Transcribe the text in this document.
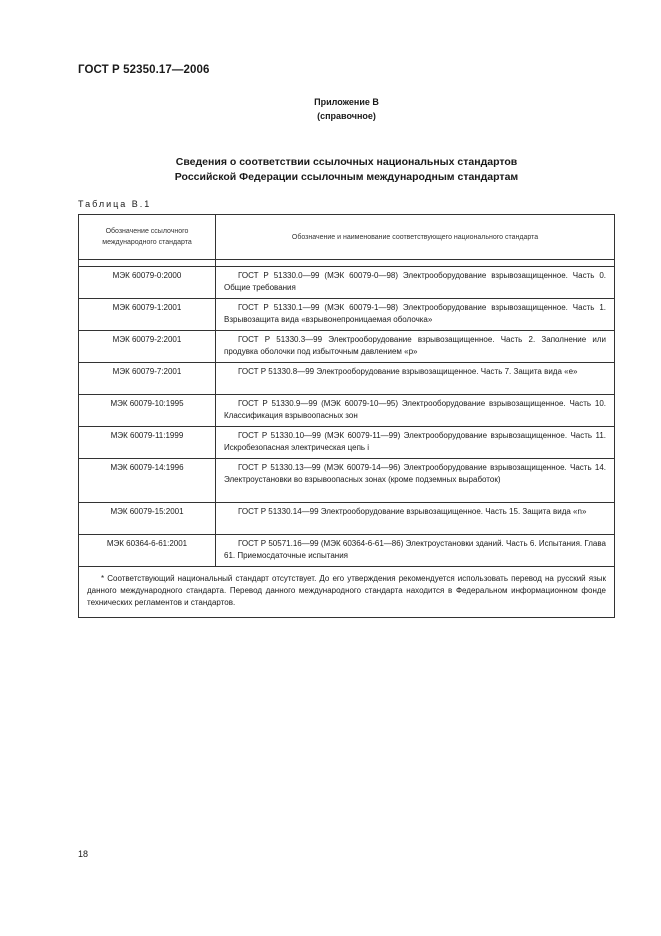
ГОСТ Р 52350.17—2006
Приложение В
(справочное)
Сведения о соответствии ссылочных национальных стандартов
Российской Федерации ссылочным международным стандартам
Таблица В.1
Обозначение ссылочного международного стандарта	Обозначение и наименование соответствующего национального стандарта

МЭК 60079-0:2000	ГОСТ Р 51330.0—99 (МЭК 60079-0—98) Электрооборудование взрывозащищенное. Часть 0. Общие требования
МЭК 60079-1:2001	ГОСТ Р 51330.1—99 (МЭК 60079-1—98) Электрооборудование взрывозащищенное. Часть 1. Взрывозащита вида «взрывонепроницаемая оболочка»
МЭК 60079-2:2001	ГОСТ Р 51330.3—99 Электрооборудование взрывозащищенное. Часть 2. Заполнение или продувка оболочки под избыточным давлением «р»
МЭК 60079-7:2001	ГОСТ Р 51330.8—99 Электрооборудование взрывозащищенное. Часть 7. Защита вида «е»
МЭК 60079-10:1995	ГОСТ Р 51330.9—99 (МЭК 60079-10—95) Электрооборудование взрывозащищенное. Часть 10. Классификация взрывоопасных зон
МЭК 60079-11:1999	ГОСТ Р 51330.10—99 (МЭК 60079-11—99) Электрооборудование взрывозащищенное. Часть 11. Искробезопасная электрическая цепь i
МЭК 60079-14:1996	ГОСТ Р 51330.13—99 (МЭК 60079-14—96) Электрооборудование взрывозащищенное. Часть 14. Электроустановки во взрывоопасных зонах (кроме подземных выработок)
МЭК 60079-15:2001	ГОСТ Р 51330.14—99 Электрооборудование взрывозащищенное. Часть 15. Защита вида «n»
МЭК 60364-6-61:2001	ГОСТ Р 50571.16—99 (МЭК 60364-6-61—86) Электроустановки зданий. Часть 6. Испытания. Глава 61. Приемосдаточные испытания
* Соответствующий национальный стандарт отсутствует. До его утверждения рекомендуется использовать перевод на русский язык данного международного стандарта. Перевод данного международного стандарта находится в Федеральном информационном фонде технических регламентов и стандартов.	
18
